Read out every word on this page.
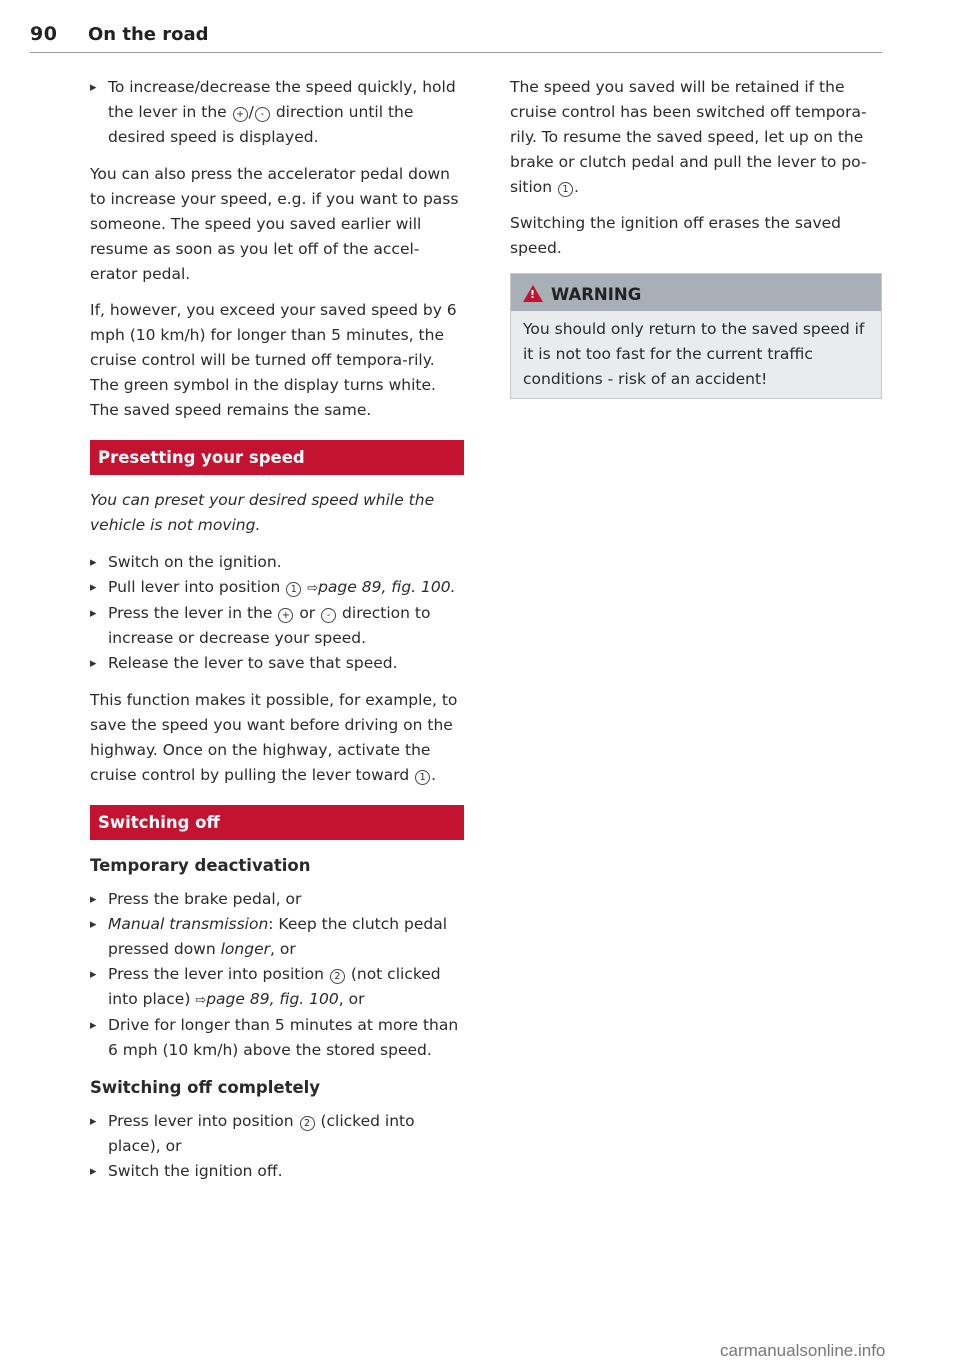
90 On the road
▸ To increase/decrease the speed quickly, hold the lever in the + / - direction until the desired speed is displayed.

You can also press the accelerator pedal down to increase your speed, e.g. if you want to pass someone. The speed you saved earlier will resume as soon as you let off of the accel-erator pedal.

If, however, you exceed your saved speed by 6 mph (10 km/h) for longer than 5 minutes, the cruise control will be turned off tempora-rily. The green symbol in the display turns white. The saved speed remains the same.

Presetting your speed

You can preset your desired speed while the vehicle is not moving.

▸ Switch on the ignition.
▸ Pull lever into position 1 ⇨page 89, fig. 100.
▸ Press the lever in the + or - direction to increase or decrease your speed.
▸ Release the lever to save that speed.

This function makes it possible, for example, to save the speed you want before driving on the highway. Once on the highway, activate the cruise control by pulling the lever toward 1 .

Switching off
Temporary deactivation
▸ Press the brake pedal, or
▸ Manual transmission: Keep the clutch pedal pressed down longer, or
▸ Press the lever into position 2 (not clicked into place) ⇨page 89, fig. 100, or
▸ Drive for longer than 5 minutes at more than 6 mph (10 km/h) above the stored speed.
Switching off completely
▸ Press lever into position 2 (clicked into place), or
▸ Switch the ignition off.

The speed you saved will be retained if the cruise control has been switched off tempora-rily. To resume the saved speed, let up on the brake or clutch pedal and pull the lever to po-sition 1 .

Switching the ignition off erases the saved speed.

!WARNING
You should only return to the saved speed if it is not too fast for the current traffic conditions - risk of an accident!
carmanualsonline.info
